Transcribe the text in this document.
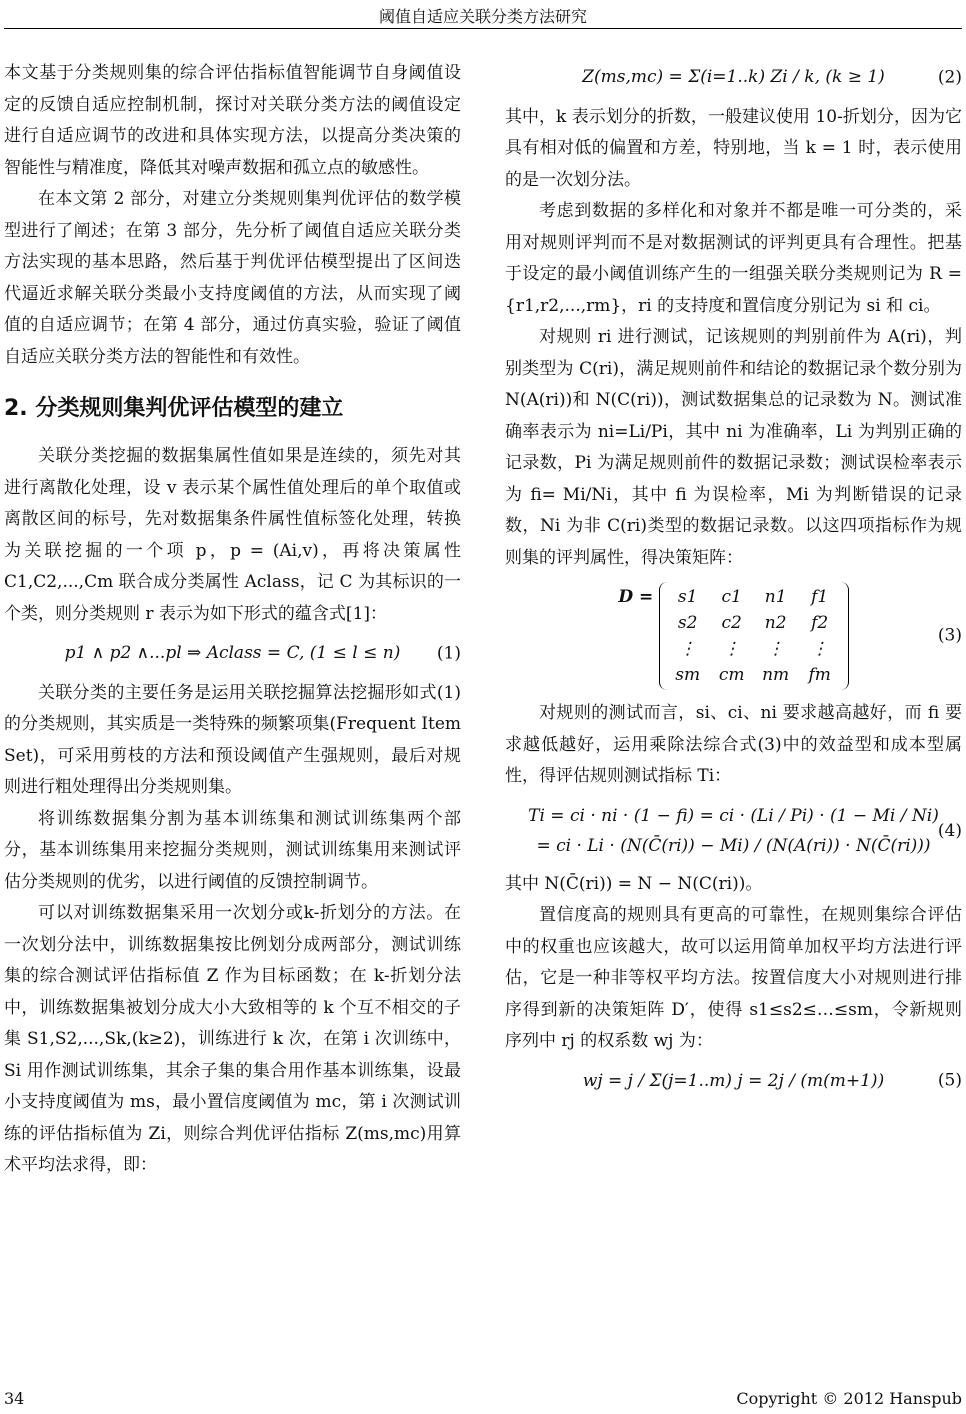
阈值自适应关联分类方法研究

本文基于分类规则集的综合评估指标值智能调节自身阈值设定的反馈自适应控制机制，探讨对关联分类方法的阈值设定进行自适应调节的改进和具体实现方法，以提高分类决策的智能性与精准度，降低其对噪声数据和孤立点的敏感性。

在本文第 2 部分，对建立分类规则集判优评估的数学模型进行了阐述；在第 3 部分，先分析了阈值自适应关联分类方法实现的基本思路，然后基于判优评估模型提出了区间迭代逼近求解关联分类最小支持度阈值的方法，从而实现了阈值的自适应调节；在第 4 部分，通过仿真实验，验证了阈值自适应关联分类方法的智能性和有效性。

2. 分类规则集判优评估模型的建立

关联分类挖掘的数据集属性值如果是连续的，须先对其进行离散化处理，设 v 表示某个属性值处理后的单个取值或离散区间的标号，先对数据集条件属性值标签化处理，转换为关联挖掘的一个项 p，p = (Ai,v)，再将决策属性 C1,C2,...,Cm 联合成分类属性 Aclass，记 C 为其标识的一个类，则分类规则 r 表示为如下形式的蕴含式[1]：

p1 ∧ p2 ∧...pl ⇒ Aclass = C, (1 ≤ l ≤ n) (1)

关联分类的主要任务是运用关联挖掘算法挖掘形如式(1)的分类规则，其实质是一类特殊的频繁项集(Frequent Item Set)，可采用剪枝的方法和预设阈值产生强规则，最后对规则进行粗处理得出分类规则集。

将训练数据集分割为基本训练集和测试训练集两个部分，基本训练集用来挖掘分类规则，测试训练集用来测试评估分类规则的优劣，以进行阈值的反馈控制调节。

可以对训练数据集采用一次划分或k-折划分的方法。在一次划分法中，训练数据集按比例划分成两部分，测试训练集的综合测试评估指标值 Z 作为目标函数；在 k-折划分法中，训练数据集被划分成大小大致相等的 k 个互不相交的子集 S1,S2,...,Sk,(k≥2)，训练进行 k 次，在第 i 次训练中，Si 用作测试训练集，其余子集的集合用作基本训练集，设最小支持度阈值为 ms，最小置信度阈值为 mc，第 i 次测试训练的评估指标值为 Zi，则综合判优评估指标 Z(ms,mc)用算术平均法求得，即：

Z(ms,mc) = Σ(i=1..k) Zi / k, (k ≥ 1)	(2)

其中，k 表示划分的折数，一般建议使用 10-折划分，因为它具有相对低的偏置和方差，特别地，当 k = 1 时，表示使用的是一次划分法。

考虑到数据的多样化和对象并不都是唯一可分类的，采用对规则评判而不是对数据测试的评判更具有合理性。把基于设定的最小阈值训练产生的一组强关联分类规则记为 R = {r1,r2,...,rm}，ri 的支持度和置信度分别记为 si 和 ci。

对规则 ri 进行测试，记该规则的判别前件为 A(ri)，判别类型为 C(ri)，满足规则前件和结论的数据记录个数分别为 N(A(ri))和 N(C(ri))，测试数据集总的记录数为 N。测试准确率表示为 ni=Li/Pi，其中 ni 为准确率，Li 为判别正确的记录数，Pi 为满足规则前件的数据记录数；测试误检率表示为 fi= Mi/Ni，其中 fi 为误检率，Mi 为判断错误的记录数，Ni 为非 C(ri)类型的数据记录数。以这四项指标作为规则集的评判属性，得决策矩阵：

D =	s1	c1	n1	f1
s2	c2	n2	f2
⋮	⋮	⋮	⋮
sm	cm	nm	fm
(3)

对规则的测试而言，si、ci、ni 要求越高越好，而 fi 要求越低越好，运用乘除法综合式(3)中的效益型和成本型属性，得评估规则测试指标 Ti：

Ti = ci · ni · (1 − fi) = ci · (Li / Pi) · (1 − Mi / Ni)
= ci · Li · (N(C̄(ri)) − Mi) / (N(A(ri)) · N(C̄(ri)))
(4)

其中 N(C̄(ri)) = N − N(C(ri))。

置信度高的规则具有更高的可靠性，在规则集综合评估中的权重也应该越大，故可以运用简单加权平均方法进行评估，它是一种非等权平均方法。按置信度大小对规则进行排序得到新的决策矩阵 D′，使得 s1≤s2≤…≤sm，令新规则序列中 rj 的权系数 wj 为：

wj = j / Σ(j=1..m) j = 2j / (m(m+1))	(5)
34	Copyright © 2012 Hanspub
